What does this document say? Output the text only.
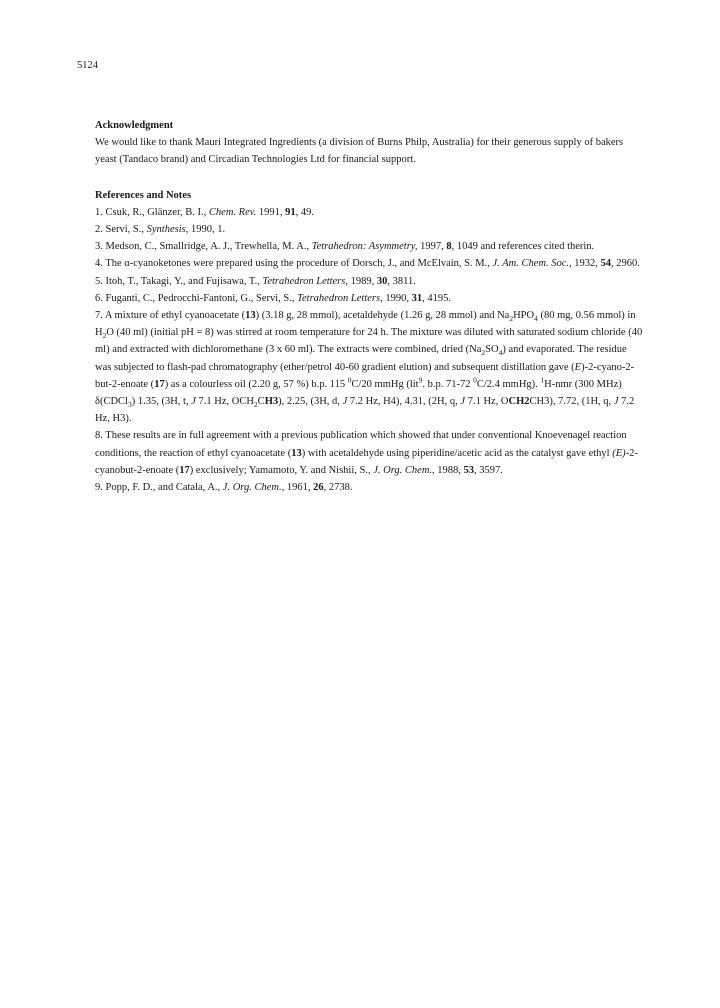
5124
Acknowledgment

We would like to thank Mauri Integrated Ingredients (a division of Burns Philp, Australia) for their generous supply of bakers yeast (Tandaco brand) and Circadian Technologies Ltd for financial support.

References and Notes

1. Csuk, R., Glänzer, B. I., Chem. Rev. 1991, 91, 49.

2. Servi, S., Synthesis, 1990, 1.

3. Medson, C., Smallridge, A. J., Trewhella, M. A., Tetrahedron: Asymmetry, 1997, 8, 1049 and references cited therin.

4. The α-cyanoketones were prepared using the procedure of Dorsch, J., and McElvain, S. M., J. Am. Chem. Soc., 1932, 54, 2960.

5. Itoh, T., Takagi, Y., and Fujisawa, T., Tetrahedron Letters, 1989, 30, 3811.

6. Fuganti, C., Pedrocchi-Fantoni, G., Servi, S., Tetrahedron Letters, 1990, 31, 4195.

7. A mixture of ethyl cyanoacetate (13) (3.18 g, 28 mmol), acetaldehyde (1.26 g, 28 mmol) and $Na_2HPO_4$ (80 mg, 0.56 mmol) in $H_2O$ (40 ml) (initial pH = 8) was stirred at room temperature for 24 h. The mixture was diluted with saturated sodium chloride (40 ml) and extracted with dichloromethane (3 x 60 ml). The extracts were combined, dried $(Na_2SO_4)$ and evaporated. The residue was subjected to flash-pad chromatography (ether/petrol 40-60 gradient elution) and subsequent distillation gave (E)-2-cyano-2-but-2-enoate (17) as a colourless oil (2.20 g, 57 %) b.p. 115 $^0$C/20 mmHg (lit$^9$. b.p. 71-72 $^0$C/2.4 mmHg). $^1$H-nmr (300 MHz) δ(CDCl$_3$) 1.35, (3H, t, J 7.1 Hz, $OCH_2CH3$), 2.25, (3H, d, J 7.2 Hz, H4), 4.31, (2H, q, J 7.1 Hz, OCH2CH3), 7.72, (1H, q, J 7.2 Hz, H3).

8. These results are in full agreement with a previous publication which showed that under conventional Knoevenagel reaction conditions, the reaction of ethyl cyanoacetate (13) with acetaldehyde using piperidine/acetic acid as the catalyst gave ethyl (E)-2-cyanobut-2-enoate (17) exclusively; Yamamoto, Y. and Nishii, S., J. Org. Chem., 1988, 53, 3597.

9. Popp, F. D., and Catala, A., J. Org. Chem., 1961, 26, 2738.
